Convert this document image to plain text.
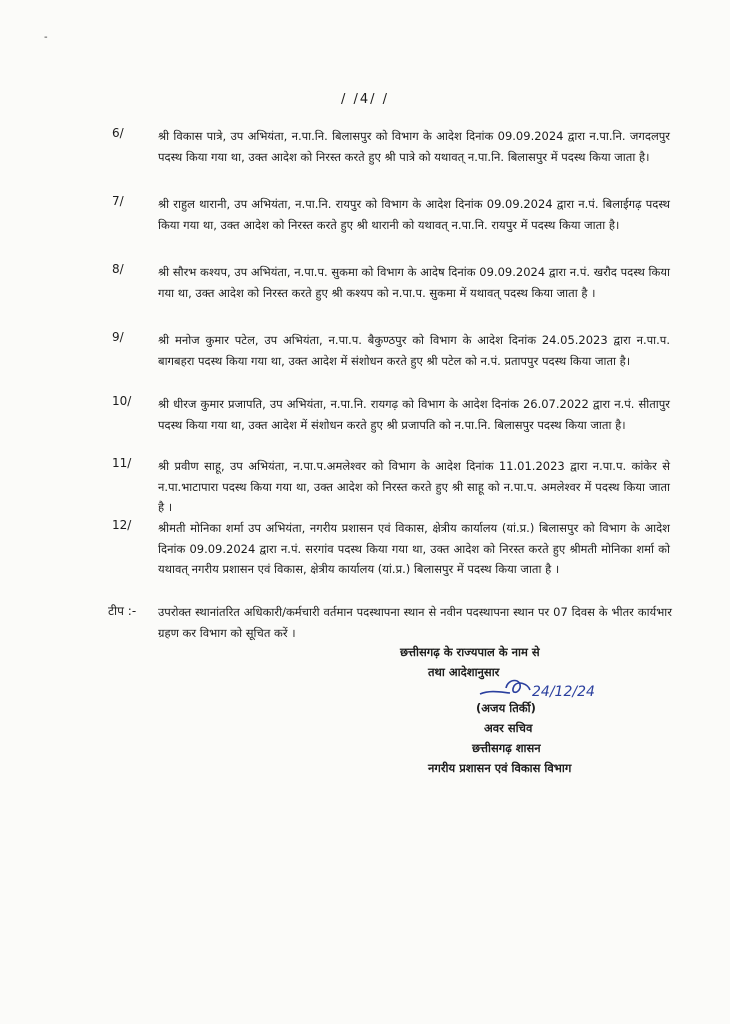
-
/ /4/ /
6/	श्री विकास पात्रे, उप अभियंता, न.पा.नि. बिलासपुर को विभाग के आदेश दिनांक 09.09.2024 द्वारा न.पा.नि. जगदलपुर पदस्थ किया गया था, उक्त आदेश को निरस्त करते हुए श्री पात्रे को यथावत् न.पा.नि. बिलासपुर में पदस्थ किया जाता है।
7/	श्री राहुल थारानी, उप अभियंता, न.पा.नि. रायपुर को विभाग के आदेश दिनांक 09.09.2024 द्वारा न.पं. बिलाईगढ़ पदस्थ किया गया था, उक्त आदेश को निरस्त करते हुए श्री थारानी को यथावत् न.पा.नि. रायपुर में पदस्थ किया जाता है।
8/	श्री सौरभ कश्यप, उप अभियंता, न.पा.प. सुकमा को विभाग के आदेष दिनांक 09.09.2024 द्वारा न.पं. खरौद पदस्थ किया गया था, उक्त आदेश को निरस्त करते हुए श्री कश्यप को न.पा.प. सुकमा में यथावत् पदस्थ किया जाता है ।
9/	श्री मनोज कुमार पटेल, उप अभियंता, न.पा.प. बैकुण्ठपुर को विभाग के आदेश दिनांक 24.05.2023 द्वारा न.पा.प. बागबहरा पदस्थ किया गया था, उक्त आदेश में संशोधन करते हुए श्री पटेल को न.पं. प्रतापपुर पदस्थ किया जाता है।
10/	श्री धीरज कुमार प्रजापति, उप अभियंता, न.पा.नि. रायगढ़ को विभाग के आदेश दिनांक 26.07.2022 द्वारा न.पं. सीतापुर पदस्थ किया गया था, उक्त आदेश में संशोधन करते हुए श्री प्रजापति को न.पा.नि. बिलासपुर पदस्थ किया जाता है।
11/	श्री प्रवीण साहू, उप अभियंता, न.पा.प.अमलेश्वर को विभाग के आदेश दिनांक 11.01.2023 द्वारा न.पा.प. कांकेर से न.पा.भाटापारा पदस्थ किया गया था, उक्त आदेश को निरस्त करते हुए श्री साहू को न.पा.प. अमलेश्वर में पदस्थ किया जाता है ।
12/	श्रीमती मोनिका शर्मा उप अभियंता, नगरीय प्रशासन एवं विकास, क्षेत्रीय कार्यालय (यां.प्र.) बिलासपुर को विभाग के आदेश दिनांक 09.09.2024 द्वारा न.पं. सरगांव पदस्थ किया गया था, उक्त आदेश को निरस्त करते हुए श्रीमती मोनिका शर्मा को यथावत् नगरीय प्रशासन एवं विकास, क्षेत्रीय कार्यालय (यां.प्र.) बिलासपुर में पदस्थ किया जाता है ।
टीप :- उपरोक्त स्थानांतरित अधिकारी/कर्मचारी वर्तमान पदस्थापना स्थान से नवीन पदस्थापना स्थान पर 07 दिवस के भीतर कार्यभार ग्रहण कर विभाग को सूचित करें ।
छत्तीसगढ़ के राज्यपाल के नाम से
तथा आदेशानुसार
(अजय तिर्की)
अवर सचिव
छत्तीसगढ़ शासन
नगरीय प्रशासन एवं विकास विभाग
24/12/24
